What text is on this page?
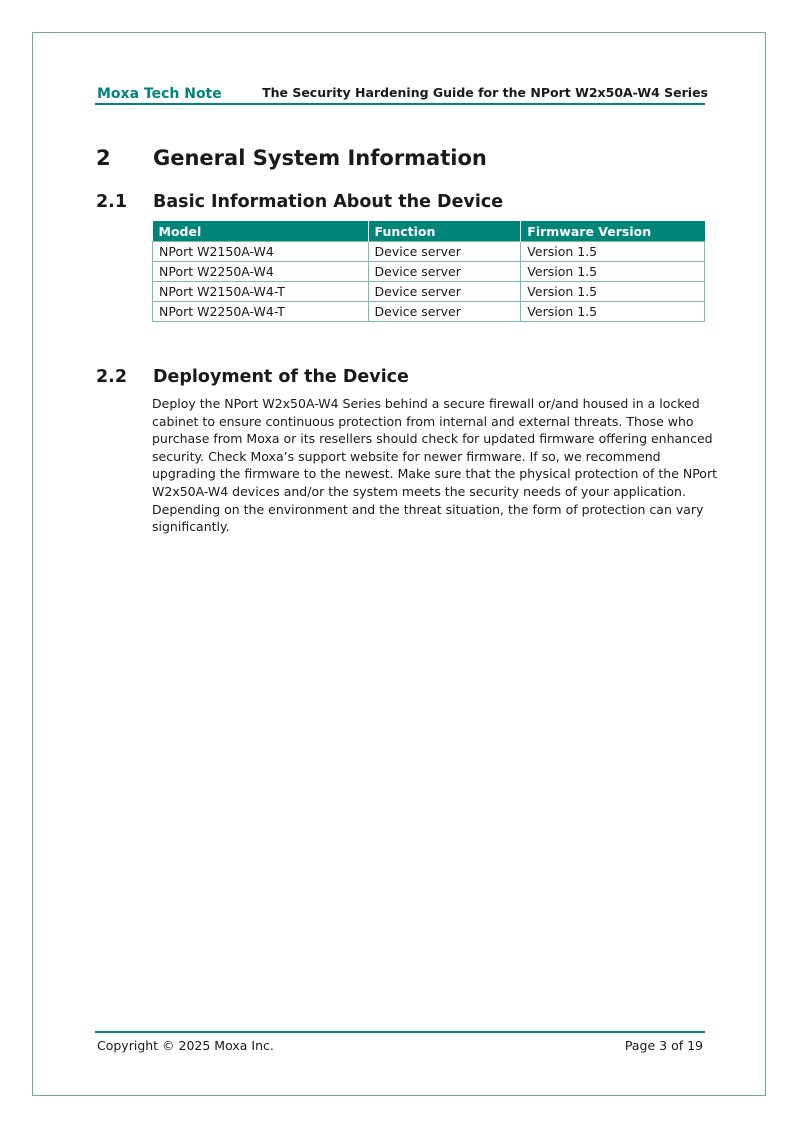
Moxa Tech Note	The Security Hardening Guide for the NPort W2x50A-W4 Series
2 General System Information
2.1 Basic Information About the Device
Model	Function	Firmware Version
NPort W2150A-W4	Device server	Version 1.5
NPort W2250A-W4	Device server	Version 1.5
NPort W2150A-W4-T	Device server	Version 1.5
NPort W2250A-W4-T	Device server	Version 1.5
2.2 Deployment of the Device
Deploy the NPort W2x50A-W4 Series behind a secure firewall or/and housed in a locked
cabinet to ensure continuous protection from internal and external threats. Those who
purchase from Moxa or its resellers should check for updated firmware offering enhanced
security. Check Moxa’s support website for newer firmware. If so, we recommend
upgrading the firmware to the newest. Make sure that the physical protection of the NPort
W2x50A-W4 devices and/or the system meets the security needs of your application.
Depending on the environment and the threat situation, the form of protection can vary
significantly.
Copyright © 2025 Moxa Inc.	Page 3 of 19
